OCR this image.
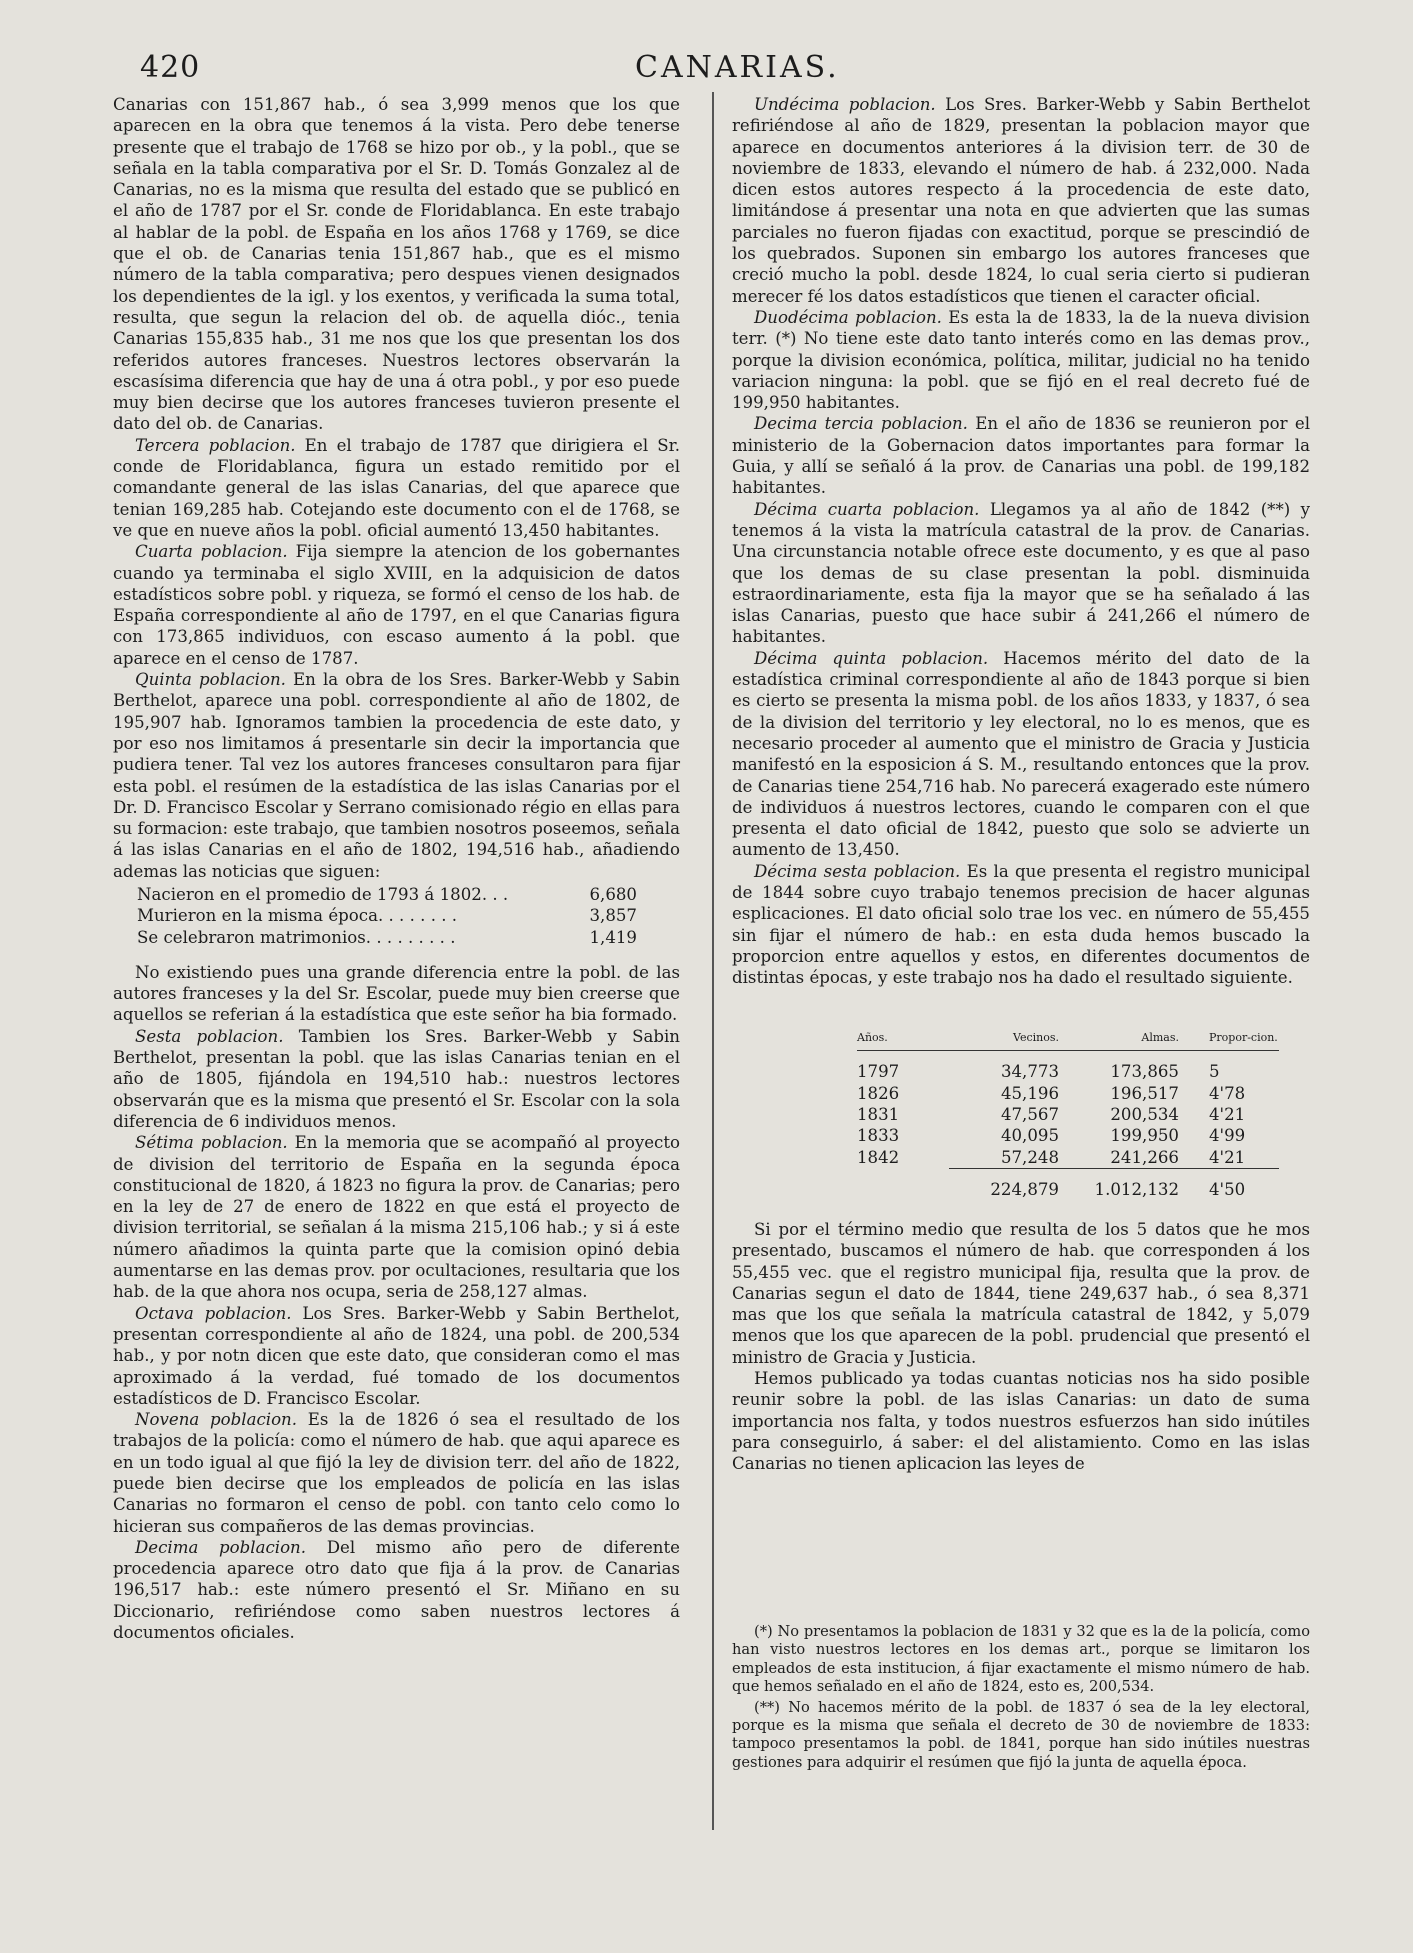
420	CANARIAS.

Canarias con 151,867 hab., ó sea 3,999 menos que los que aparecen en la obra que tenemos á la vista. Pero debe tenerse presente que el trabajo de 1768 se hizo por ob., y la pobl., que se señala en la tabla comparativa por el Sr. D. Tomás Gonzalez al de Canarias, no es la misma que resulta del estado que se publicó en el año de 1787 por el Sr. conde de Floridablanca. En este trabajo al hablar de la pobl. de España en los años 1768 y 1769, se dice que el ob. de Canarias tenia 151,867 hab., que es el mismo número de la tabla comparativa; pero despues vienen designados los dependientes de la igl. y los exentos, y verificada la suma total, resulta, que segun la relacion del ob. de aquella dióc., tenia Canarias 155,835 hab., 31 me nos que los que presentan los dos referidos autores franceses. Nuestros lectores observarán la escasísima diferencia que hay de una á otra pobl., y por eso puede muy bien decirse que los autores franceses tuvieron presente el dato del ob. de Canarias.

Tercera poblacion. En el trabajo de 1787 que dirigiera el Sr. conde de Floridablanca, figura un estado remitido por el comandante general de las islas Canarias, del que aparece que tenian 169,285 hab. Cotejando este documento con el de 1768, se ve que en nueve años la pobl. oficial aumentó 13,450 habitantes.

Cuarta poblacion. Fija siempre la atencion de los gobernantes cuando ya terminaba el siglo XVIII, en la adquisicion de datos estadísticos sobre pobl. y riqueza, se formó el censo de los hab. de España correspondiente al año de 1797, en el que Canarias figura con 173,865 individuos, con escaso aumento á la pobl. que aparece en el censo de 1787.

Quinta poblacion. En la obra de los Sres. Barker-Webb y Sabin Berthelot, aparece una pobl. correspondiente al año de 1802, de 195,907 hab. Ignoramos tambien la procedencia de este dato, y por eso nos limitamos á presentarle sin decir la importancia que pudiera tener. Tal vez los autores franceses consultaron para fijar esta pobl. el resúmen de la estadística de las islas Canarias por el Dr. D. Francisco Escolar y Serrano comisionado régio en ellas para su formacion: este trabajo, que tambien nosotros poseemos, señala á las islas Canarias en el año de 1802, 194,516 hab., añadiendo ademas las noticias que siguen:

Nacieron en el promedio de 1793 á 1802. . .	6,680
Murieron en la misma época. . . . . . . .	3,857
Se celebraron matrimonios. . . . . . . . .	1,419

No existiendo pues una grande diferencia entre la pobl. de las autores franceses y la del Sr. Escolar, puede muy bien creerse que aquellos se referian á la estadística que este señor ha bia formado.

Sesta poblacion. Tambien los Sres. Barker-Webb y Sabin Berthelot, presentan la pobl. que las islas Canarias tenian en el año de 1805, fijándola en 194,510 hab.: nuestros lectores observarán que es la misma que presentó el Sr. Escolar con la sola diferencia de 6 individuos menos.

Sétima poblacion. En la memoria que se acompañó al proyecto de division del territorio de España en la segunda época constitucional de 1820, á 1823 no figura la prov. de Canarias; pero en la ley de 27 de enero de 1822 en que está el proyecto de division territorial, se señalan á la misma 215,106 hab.; y si á este número añadimos la quinta parte que la comision opinó debia aumentarse en las demas prov. por ocultaciones, resultaria que los hab. de la que ahora nos ocupa, seria de 258,127 almas.

Octava poblacion. Los Sres. Barker-Webb y Sabin Berthelot, presentan correspondiente al año de 1824, una pobl. de 200,534 hab., y por notn dicen que este dato, que consideran como el mas aproximado á la verdad, fué tomado de los documentos estadísticos de D. Francisco Escolar.

Novena poblacion. Es la de 1826 ó sea el resultado de los trabajos de la policía: como el número de hab. que aqui aparece es en un todo igual al que fijó la ley de division terr. del año de 1822, puede bien decirse que los empleados de policía en las islas Canarias no formaron el censo de pobl. con tanto celo como lo hicieran sus compañeros de las demas provincias.

Decima poblacion. Del mismo año pero de diferente procedencia aparece otro dato que fija á la prov. de Canarias 196,517 hab.: este número presentó el Sr. Miñano en su Diccionario, refiriéndose como saben nuestros lectores á documentos oficiales.

Undécima poblacion. Los Sres. Barker-Webb y Sabin Berthelot refiriéndose al año de 1829, presentan la poblacion mayor que aparece en documentos anteriores á la division terr. de 30 de noviembre de 1833, elevando el número de hab. á 232,000. Nada dicen estos autores respecto á la procedencia de este dato, limitándose á presentar una nota en que advierten que las sumas parciales no fueron fijadas con exactitud, porque se prescindió de los quebrados. Suponen sin embargo los autores franceses que creció mucho la pobl. desde 1824, lo cual seria cierto si pudieran merecer fé los datos estadísticos que tienen el caracter oficial.

Duodécima poblacion. Es esta la de 1833, la de la nueva division terr. (*) No tiene este dato tanto interés como en las demas prov., porque la division económica, política, militar, judicial no ha tenido variacion ninguna: la pobl. que se fijó en el real decreto fué de 199,950 habitantes.

Decima tercia poblacion. En el año de 1836 se reunieron por el ministerio de la Gobernacion datos importantes para formar la Guia, y allí se señaló á la prov. de Canarias una pobl. de 199,182 habitantes.

Décima cuarta poblacion. Llegamos ya al año de 1842 (**) y tenemos á la vista la matrícula catastral de la prov. de Canarias. Una circunstancia notable ofrece este documento, y es que al paso que los demas de su clase presentan la pobl. disminuida estraordinariamente, esta fija la mayor que se ha señalado á las islas Canarias, puesto que hace subir á 241,266 el número de habitantes.

Décima quinta poblacion. Hacemos mérito del dato de la estadística criminal correspondiente al año de 1843 porque si bien es cierto se presenta la misma pobl. de los años 1833, y 1837, ó sea de la division del territorio y ley electoral, no lo es menos, que es necesario proceder al aumento que el ministro de Gracia y Justicia manifestó en la esposicion á S. M., resultando entonces que la prov. de Canarias tiene 254,716 hab. No parecerá exagerado este número de individuos á nuestros lectores, cuando le comparen con el que presenta el dato oficial de 1842, puesto que solo se advierte un aumento de 13,450.

Décima sesta poblacion. Es la que presenta el registro municipal de 1844 sobre cuyo trabajo tenemos precision de hacer algunas esplicaciones. El dato oficial solo trae los vec. en número de 55,455 sin fijar el número de hab.: en esta duda hemos buscado la proporcion entre aquellos y estos, en diferentes documentos de distintas épocas, y este trabajo nos ha dado el resultado siguiente.

Años.	Vecinos.	Almas.	Propor-cion.

1797	34,773	173,865	5
1826	45,196	196,517	4'78
1831	47,567	200,534	4'21
1833	40,095	199,950	4'99
1842	57,248	241,266	4'21
	224,879	1.012,132	4'50

Si por el término medio que resulta de los 5 datos que he mos presentado, buscamos el número de hab. que corresponden á los 55,455 vec. que el registro municipal fija, resulta que la prov. de Canarias segun el dato de 1844, tiene 249,637 hab., ó sea 8,371 mas que los que señala la matrícula catastral de 1842, y 5,079 menos que los que aparecen de la pobl. prudencial que presentó el ministro de Gracia y Justicia.

Hemos publicado ya todas cuantas noticias nos ha sido posible reunir sobre la pobl. de las islas Canarias: un dato de suma importancia nos falta, y todos nuestros esfuerzos han sido inútiles para conseguirlo, á saber: el del alistamiento. Como en las islas Canarias no tienen aplicacion las leyes de

(*) No presentamos la poblacion de 1831 y 32 que es la de la policía, como han visto nuestros lectores en los demas art., porque se limitaron los empleados de esta institucion, á fijar exactamente el mismo número de hab. que hemos señalado en el año de 1824, esto es, 200,534.

(**) No hacemos mérito de la pobl. de 1837 ó sea de la ley electoral, porque es la misma que señala el decreto de 30 de noviembre de 1833: tampoco presentamos la pobl. de 1841, porque han sido inútiles nuestras gestiones para adquirir el resúmen que fijó la junta de aquella época.
